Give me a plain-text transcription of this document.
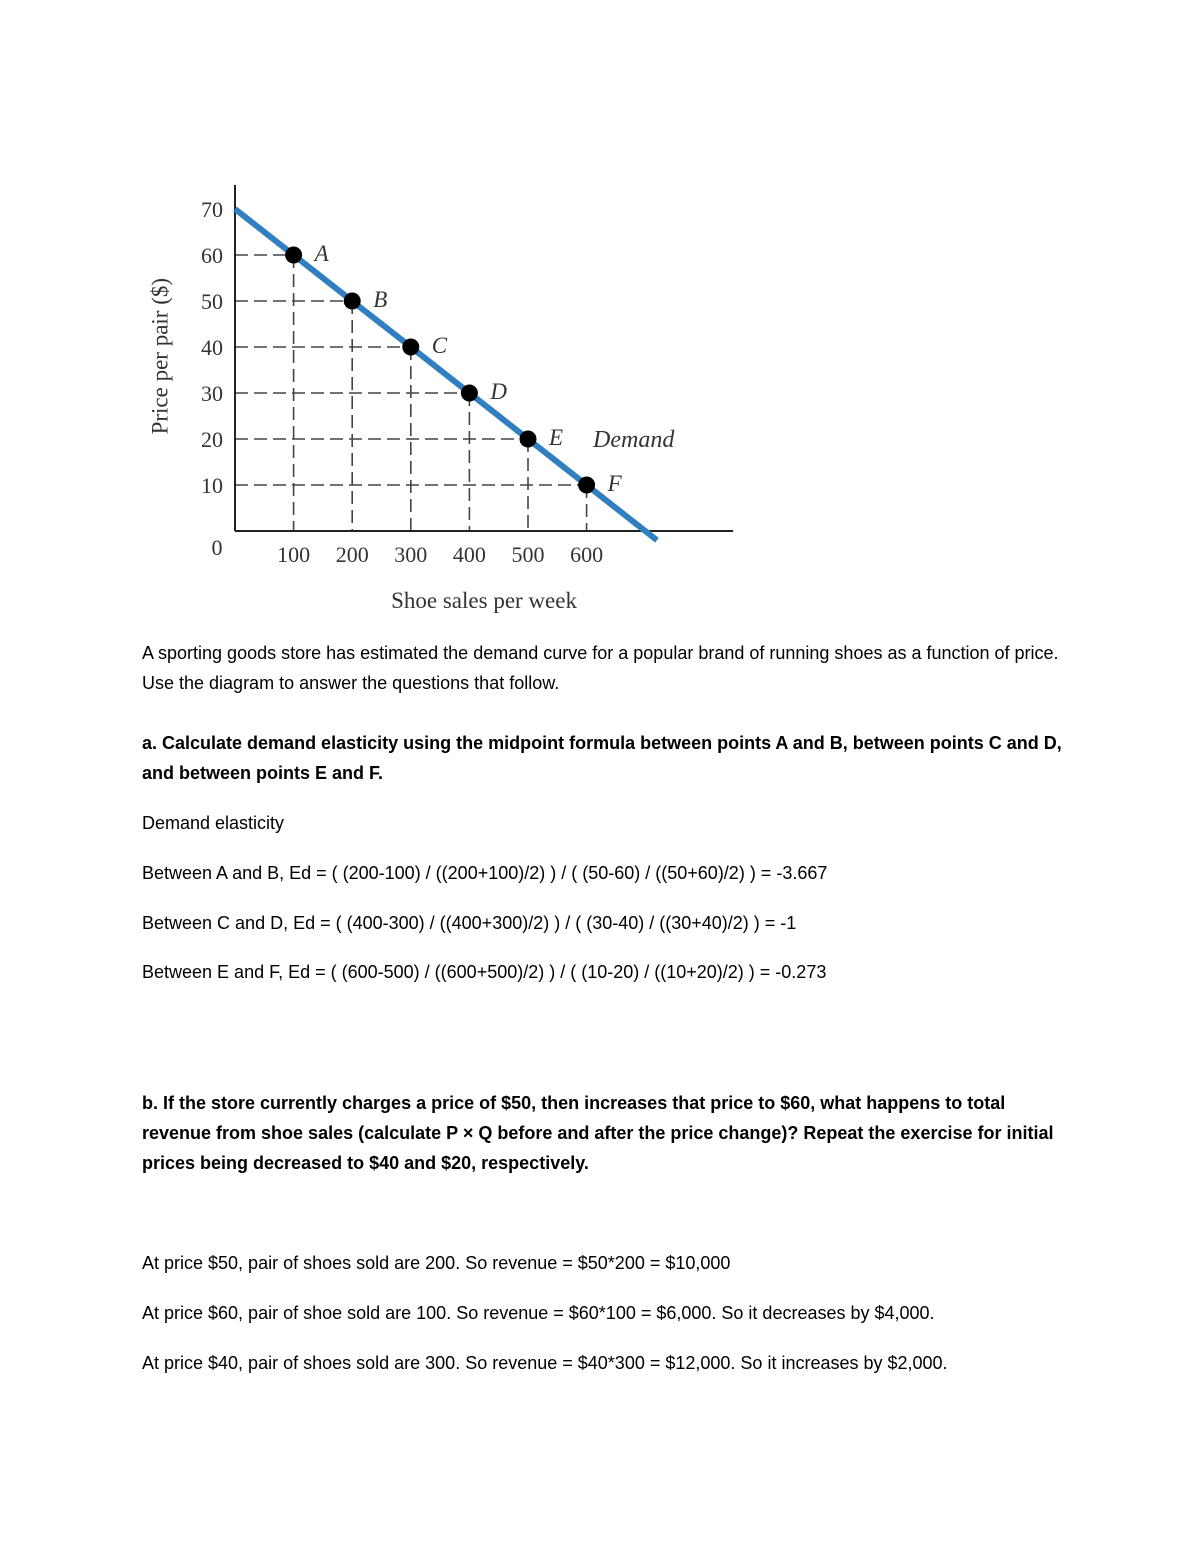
10
20
30
40
50
60
70
100 200 300 400 500 600
A
B
C
D
E
F
0
Demand
Shoe sales per week
Price per pair ($)

A sporting goods store has estimated the demand curve for a popular brand of running shoes as a function of price. Use the diagram to answer the questions that follow.

a. Calculate demand elasticity using the midpoint formula between points A and B, between points C and D, and between points E and F.

Demand elasticity

Between A and B, Ed = ( (200-100) / ((200+100)/2) ) / ( (50-60) / ((50+60)/2) ) = -3.667

Between C and D, Ed = ( (400-300) / ((400+300)/2) ) / ( (30-40) / ((30+40)/2) ) = -1

Between E and F, Ed = ( (600-500) / ((600+500)/2) ) / ( (10-20) / ((10+20)/2) ) = -0.273

b. If the store currently charges a price of $50, then increases that price to $60, what happens to total revenue from shoe sales (calculate P × Q before and after the price change)? Repeat the exercise for initial prices being decreased to $40 and $20, respectively.

At price $50, pair of shoes sold are 200. So revenue = $50*200 = $10,000

At price $60, pair of shoe sold are 100. So revenue = $60*100 = $6,000. So it decreases by $4,000.

At price $40, pair of shoes sold are 300. So revenue = $40*300 = $12,000. So it increases by $2,000.
